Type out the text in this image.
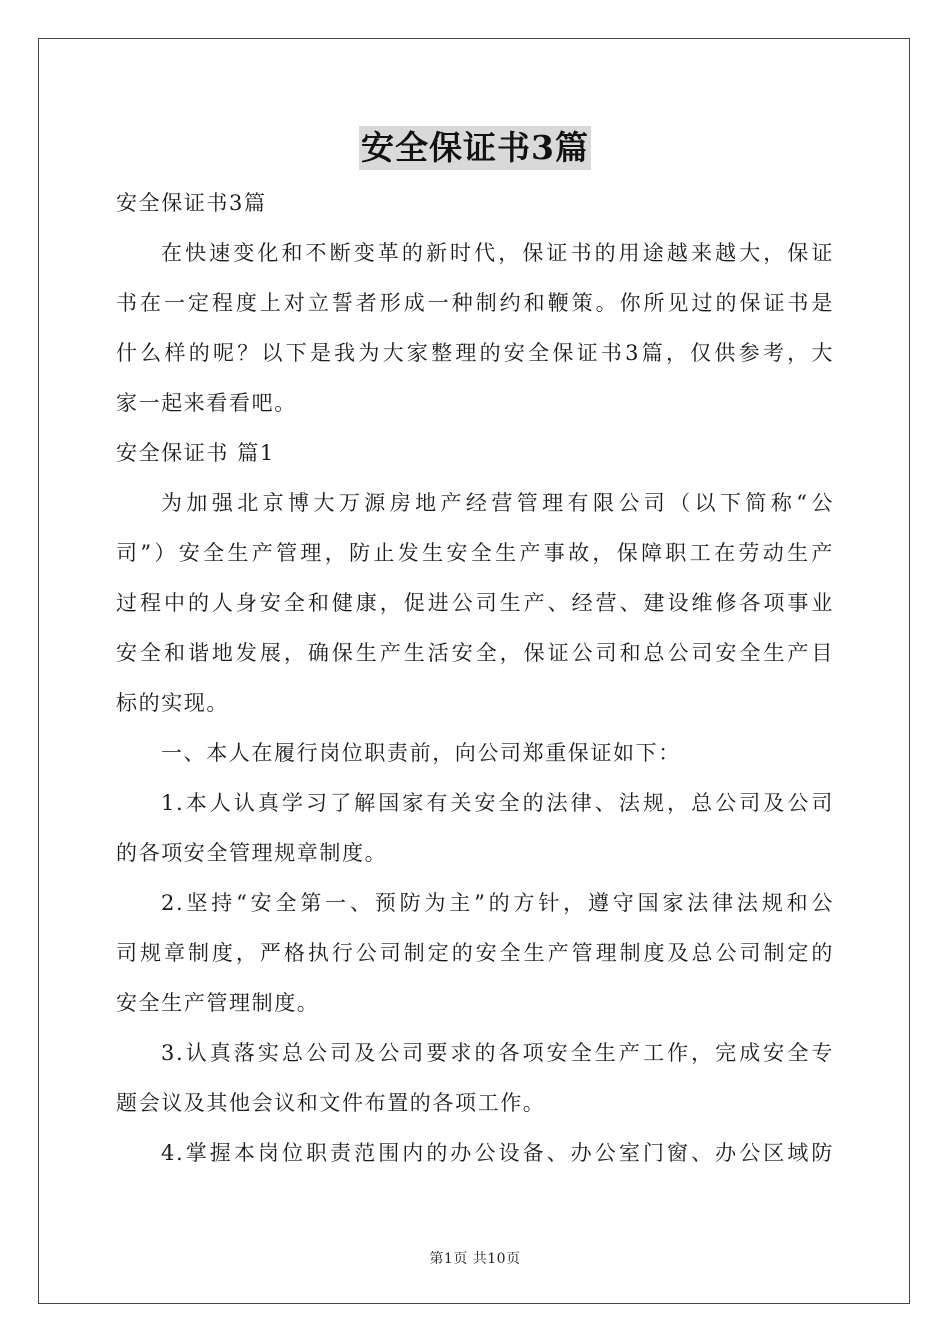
安全保证书3篇
安全保证书3篇
在快速变化和不断变革的新时代，保证书的用途越来越大，保证
书在一定程度上对立誓者形成一种制约和鞭策。你所见过的保证书是
什么样的呢？以下是我为大家整理的安全保证书3篇，仅供参考，大
家一起来看看吧。
安全保证书 篇1
为加强北京博大万源房地产经营管理有限公司（以下简称“公
司”）安全生产管理，防止发生安全生产事故，保障职工在劳动生产
过程中的人身安全和健康，促进公司生产、经营、建设维修各项事业
安全和谐地发展，确保生产生活安全，保证公司和总公司安全生产目
标的实现。
一、本人在履行岗位职责前，向公司郑重保证如下：
1.本人认真学习了解国家有关安全的法律、法规，总公司及公司
的各项安全管理规章制度。
2.坚持“安全第一、预防为主”的方针，遵守国家法律法规和公
司规章制度，严格执行公司制定的安全生产管理制度及总公司制定的
安全生产管理制度。
3.认真落实总公司及公司要求的各项安全生产工作，完成安全专
题会议及其他会议和文件布置的各项工作。
4.掌握本岗位职责范围内的办公设备、办公室门窗、办公区域防
第1页 共10页
